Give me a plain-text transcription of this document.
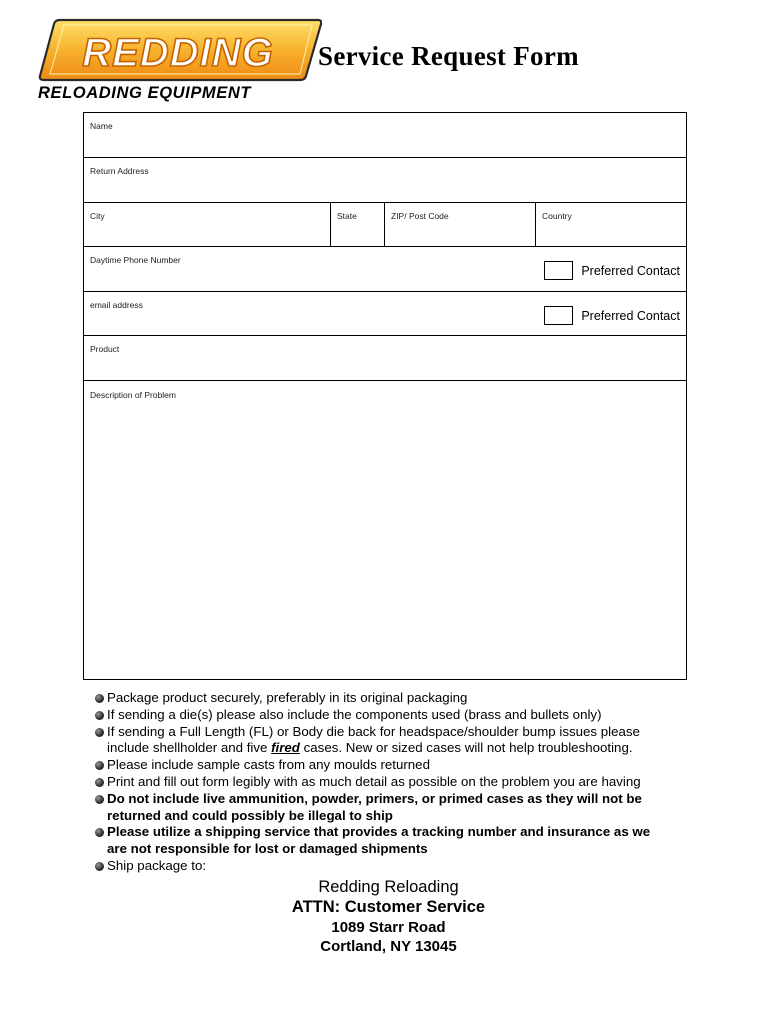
REDDING
RELOADING EQUIPMENT
Service Request Form
Name
Return Address
City	State	ZIP/ Post Code	Country
Daytime Phone Number
Preferred Contact
email address
Preferred Contact
Product
Description of Problem
Package product securely, preferably in its original packaging
If sending a die(s) please also include the components used (brass and bullets only)
If sending a Full Length (FL) or Body die back for headspace/shoulder bump issues please
include shellholder and five fired cases. New or sized cases will not help troubleshooting.
Please include sample casts from any moulds returned
Print and fill out form legibly with as much detail as possible on the problem you are having
Do not include live ammunition, powder, primers, or primed cases as they will not be
returned and could possibly be illegal to ship
Please utilize a shipping service that provides a tracking number and insurance as we
are not responsible for lost or damaged shipments
Ship package to:
Redding Reloading
ATTN: Customer Service
1089 Starr Road
Cortland, NY 13045
